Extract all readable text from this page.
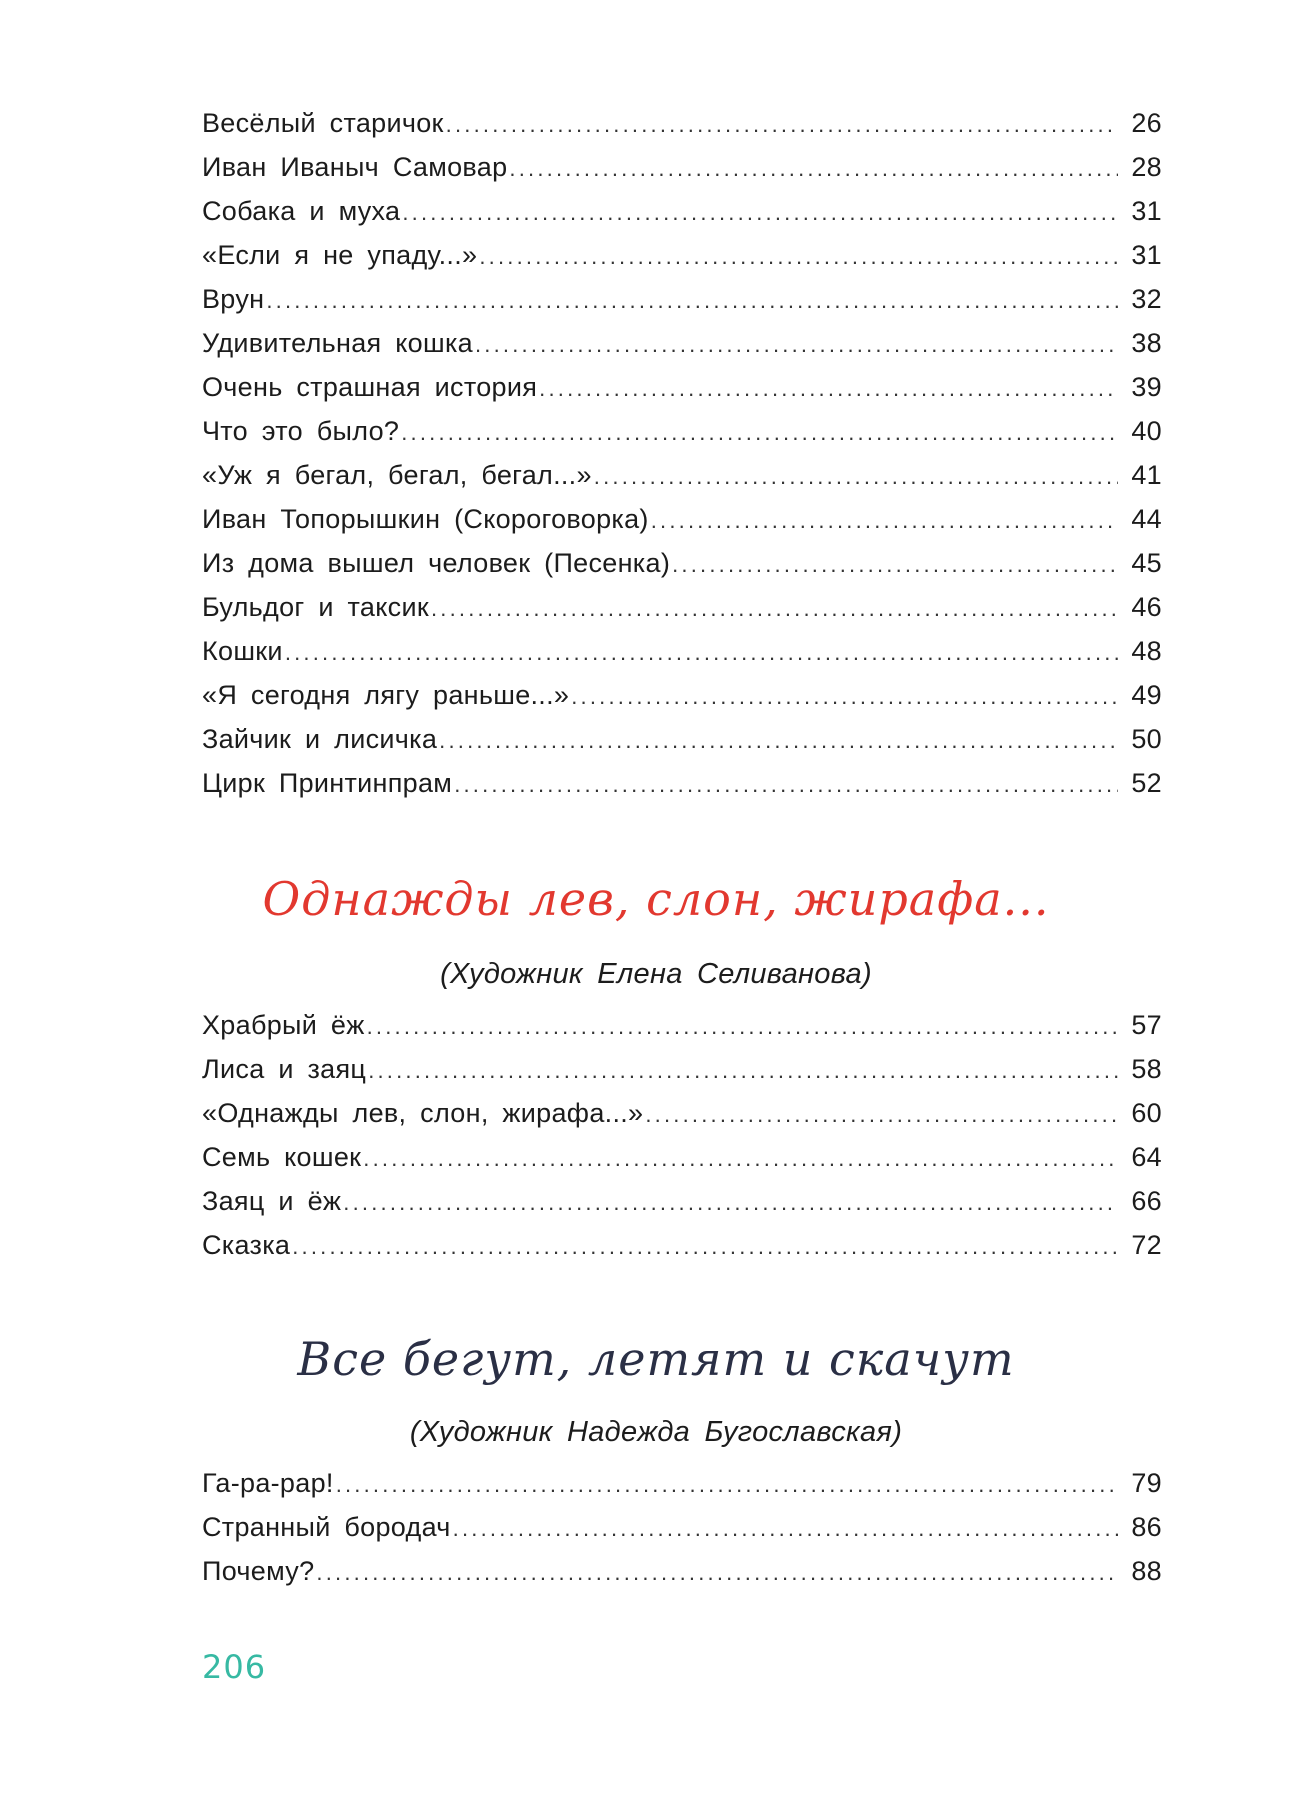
Весёлый старичок .....	26
Иван Иваныч Самовар .....	28
Собака и муха .....	31
«Если я не упаду...» .....	31
Врун .....	32
Удивительная кошка .....	38
Очень страшная история .....	39
Что это было? .....	40
«Уж я бегал, бегал, бегал...» .....	41
Иван Топорышкин (Скороговорка) .....	44
Из дома вышел человек (Песенка) .....	45
Бульдог и таксик .....	46
Кошки .....	48
«Я сегодня лягу раньше...» .....	49
Зайчик и лисичка .....	50
Цирк Принтинпрам .....	52
Однажды лев, слон, жирафа...
(Художник Елена Селиванова)
Храбрый ёж .....	57
Лиса и заяц .....	58
«Однажды лев, слон, жирафа...» .....	60
Семь кошек .....	64
Заяц и ёж .....	66
Сказка .....	72
Все бегут, летят и скачут
(Художник Надежда Бугославская)
Га-ра-рар! .....	79
Странный бородач .....	86
Почему? .....	88
206
